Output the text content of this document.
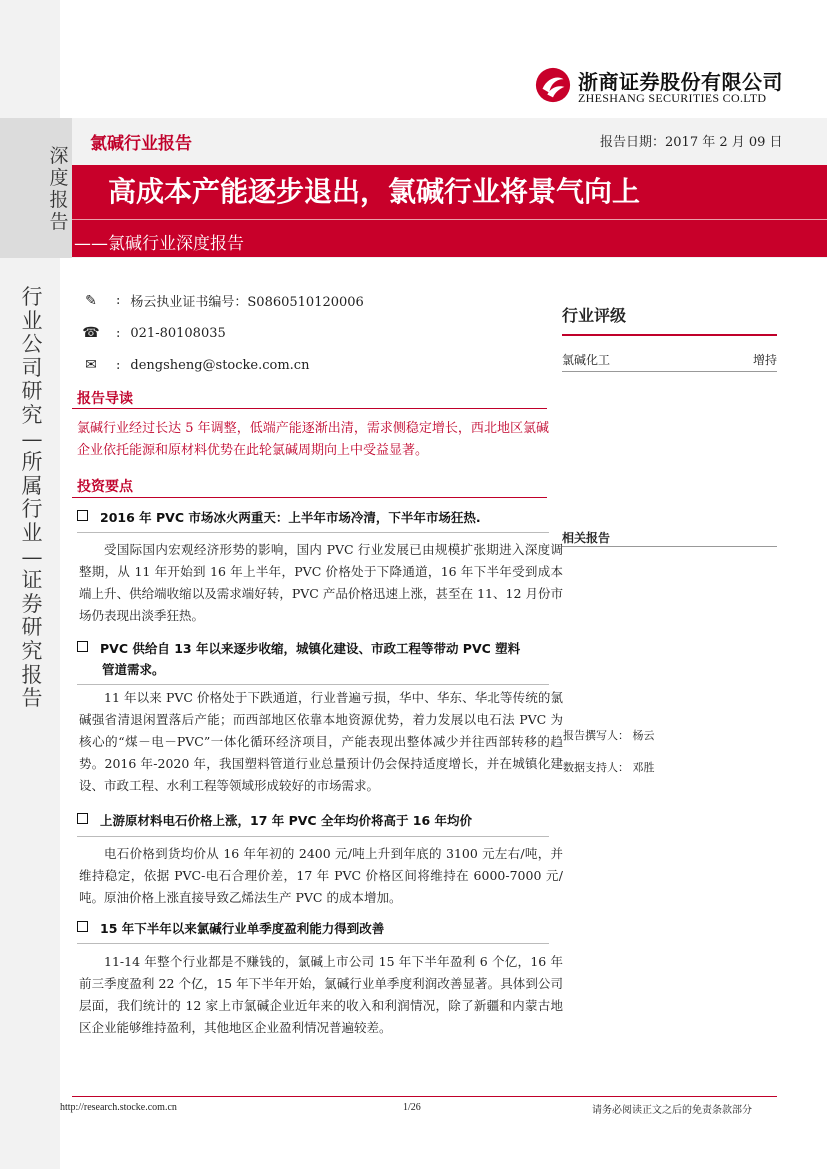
深度报告
行业公司研究—所属行业—证券研究报告
浙商证券股份有限公司
ZHESHANG SECURITIES CO.LTD
氯碱行业报告	报告日期：2017 年 2 月 09 日
高成本产能逐步退出，氯碱行业将景气向上
——氯碱行业深度报告
✎	: 杨云执业证书编号：S0860510120006
☎ : 021-80108035
✉	: dengsheng@stocke.com.cn
行业评级
氯碱化工	增持
相关报告
报告撰写人： 杨云
数据支持人： 邓胜
报告导读
氯碱行业经过长达 5 年调整，低端产能逐渐出清，需求侧稳定增长，西北地区氯碱企业依托能源和原材料优势在此轮氯碱周期向上中受益显著。
投资要点
2016 年 PVC 市场冰火两重天：上半年市场冷清，下半年市场狂热.
受国际国内宏观经济形势的影响，国内 PVC 行业发展已由规模扩张期进入深度调整期，从 11 年开始到 16 年上半年，PVC 价格处于下降通道，16 年下半年受到成本端上升、供给端收缩以及需求端好转，PVC 产品价格迅速上涨，甚至在 11、12 月份市场仍表现出淡季狂热。
PVC 供给自 13 年以来逐步收缩，城镇化建设、市政工程等带动 PVC 塑料
管道需求。
11 年以来 PVC 价格处于下跌通道，行业普遍亏损，华中、华东、华北等传统的氯碱强省清退闲置落后产能；而西部地区依靠本地资源优势，着力发展以电石法 PVC 为核心的“煤－电－PVC”一体化循环经济项目，产能表现出整体减少并往西部转移的趋势。2016 年-2020 年，我国塑料管道行业总量预计仍会保持适度增长，并在城镇化建设、市政工程、水利工程等领域形成较好的市场需求。
上游原材料电石价格上涨，17 年 PVC 全年均价将高于 16 年均价
电石价格到货均价从 16 年年初的 2400 元/吨上升到年底的 3100 元左右/吨，并维持稳定，依据 PVC-电石合理价差，17 年 PVC 价格区间将维持在 6000-7000 元/吨。原油价格上涨直接导致乙烯法生产 PVC 的成本增加。
15 年下半年以来氯碱行业单季度盈利能力得到改善
11-14 年整个行业都是不赚钱的，氯碱上市公司 15 年下半年盈利 6 个亿，16 年前三季度盈利 22 个亿，15 年下半年开始，氯碱行业单季度利润改善显著。具体到公司层面，我们统计的 12 家上市氯碱企业近年来的收入和利润情况，除了新疆和内蒙古地区企业能够维持盈利，其他地区企业盈利情况普遍较差。
http://research.stocke.com.cn	1/26	请务必阅读正文之后的免责条款部分
